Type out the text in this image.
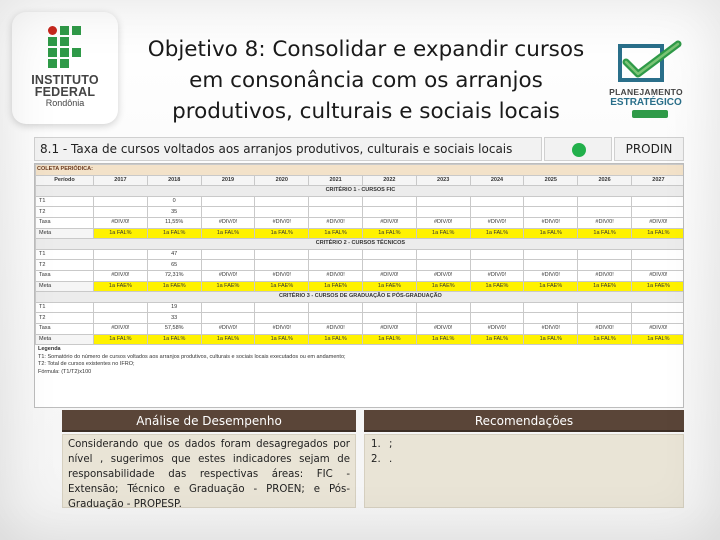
INSTITUTO
FEDERAL
Rondônia
Objetivo 8: Consolidar e expandir cursos em consonância com os arranjos produtivos, culturais e sociais locais
PLANEJAMENTO
ESTRATÉGICO
8.1 - Taxa de cursos voltados aos arranjos produtivos, culturais e sociais locais	PRODIN
COLETA PERIÓDICA:											
Período	2017	2018	2019	2020	2021	2022	2023	2024	2025	2026	2027
CRITÉRIO 1 - CURSOS FIC											
T1		0									
T2		35									
Taxa	#DIV/0!	11,55%	#DIV/0!	#DIV/0!	#DIV/0!	#DIV/0!	#DIV/0!	#DIV/0!	#DIV/0!	#DIV/0!	#DIV/0!
Meta	1a FAL%	1a FAL%	1a FAL%	1a FAL%	1a FAL%	1a FAL%	1a FAL%	1a FAL%	1a FAL%	1a FAL%	1a FAL%
CRITÉRIO 2 - CURSOS TÉCNICOS											
T1		47									
T2		65									
Taxa	#DIV/0!	72,31%	#DIV/0!	#DIV/0!	#DIV/0!	#DIV/0!	#DIV/0!	#DIV/0!	#DIV/0!	#DIV/0!	#DIV/0!
Meta	1a FAE%	1a FAE%	1a FAE%	1a FAE%	1a FAE%	1a FAE%	1a FAE%	1a FAE%	1a FAE%	1a FAE%	1a FAE%
CRITÉRIO 3 - CURSOS DE GRADUAÇÃO E PÓS-GRADUAÇÃO											
T1		19									
T2		33									
Taxa	#DIV/0!	57,58%	#DIV/0!	#DIV/0!	#DIV/0!	#DIV/0!	#DIV/0!	#DIV/0!	#DIV/0!	#DIV/0!	#DIV/0!
Meta	1a FAL%	1a FAL%	1a FAL%	1a FAL%	1a FAL%	1a FAL%	1a FAL%	1a FAL%	1a FAL%	1a FAL%	1a FAL%
Legenda
T1: Somatório do número de cursos voltados aos arranjos produtivos, culturais e sociais locais executados ou em andamento;
T2: Total de cursos existentes no IFRO;
Fórmula: (T1/T2)x100
Análise de Desempenho
Considerando que os dados foram desagregados por nível , sugerimos que estes indicadores sejam de responsabilidade das respectivas áreas: FIC - Extensão; Técnico e Graduação - PROEN; e Pós-Graduação - PROPESP.
Recomendações
1. ;
2. .
